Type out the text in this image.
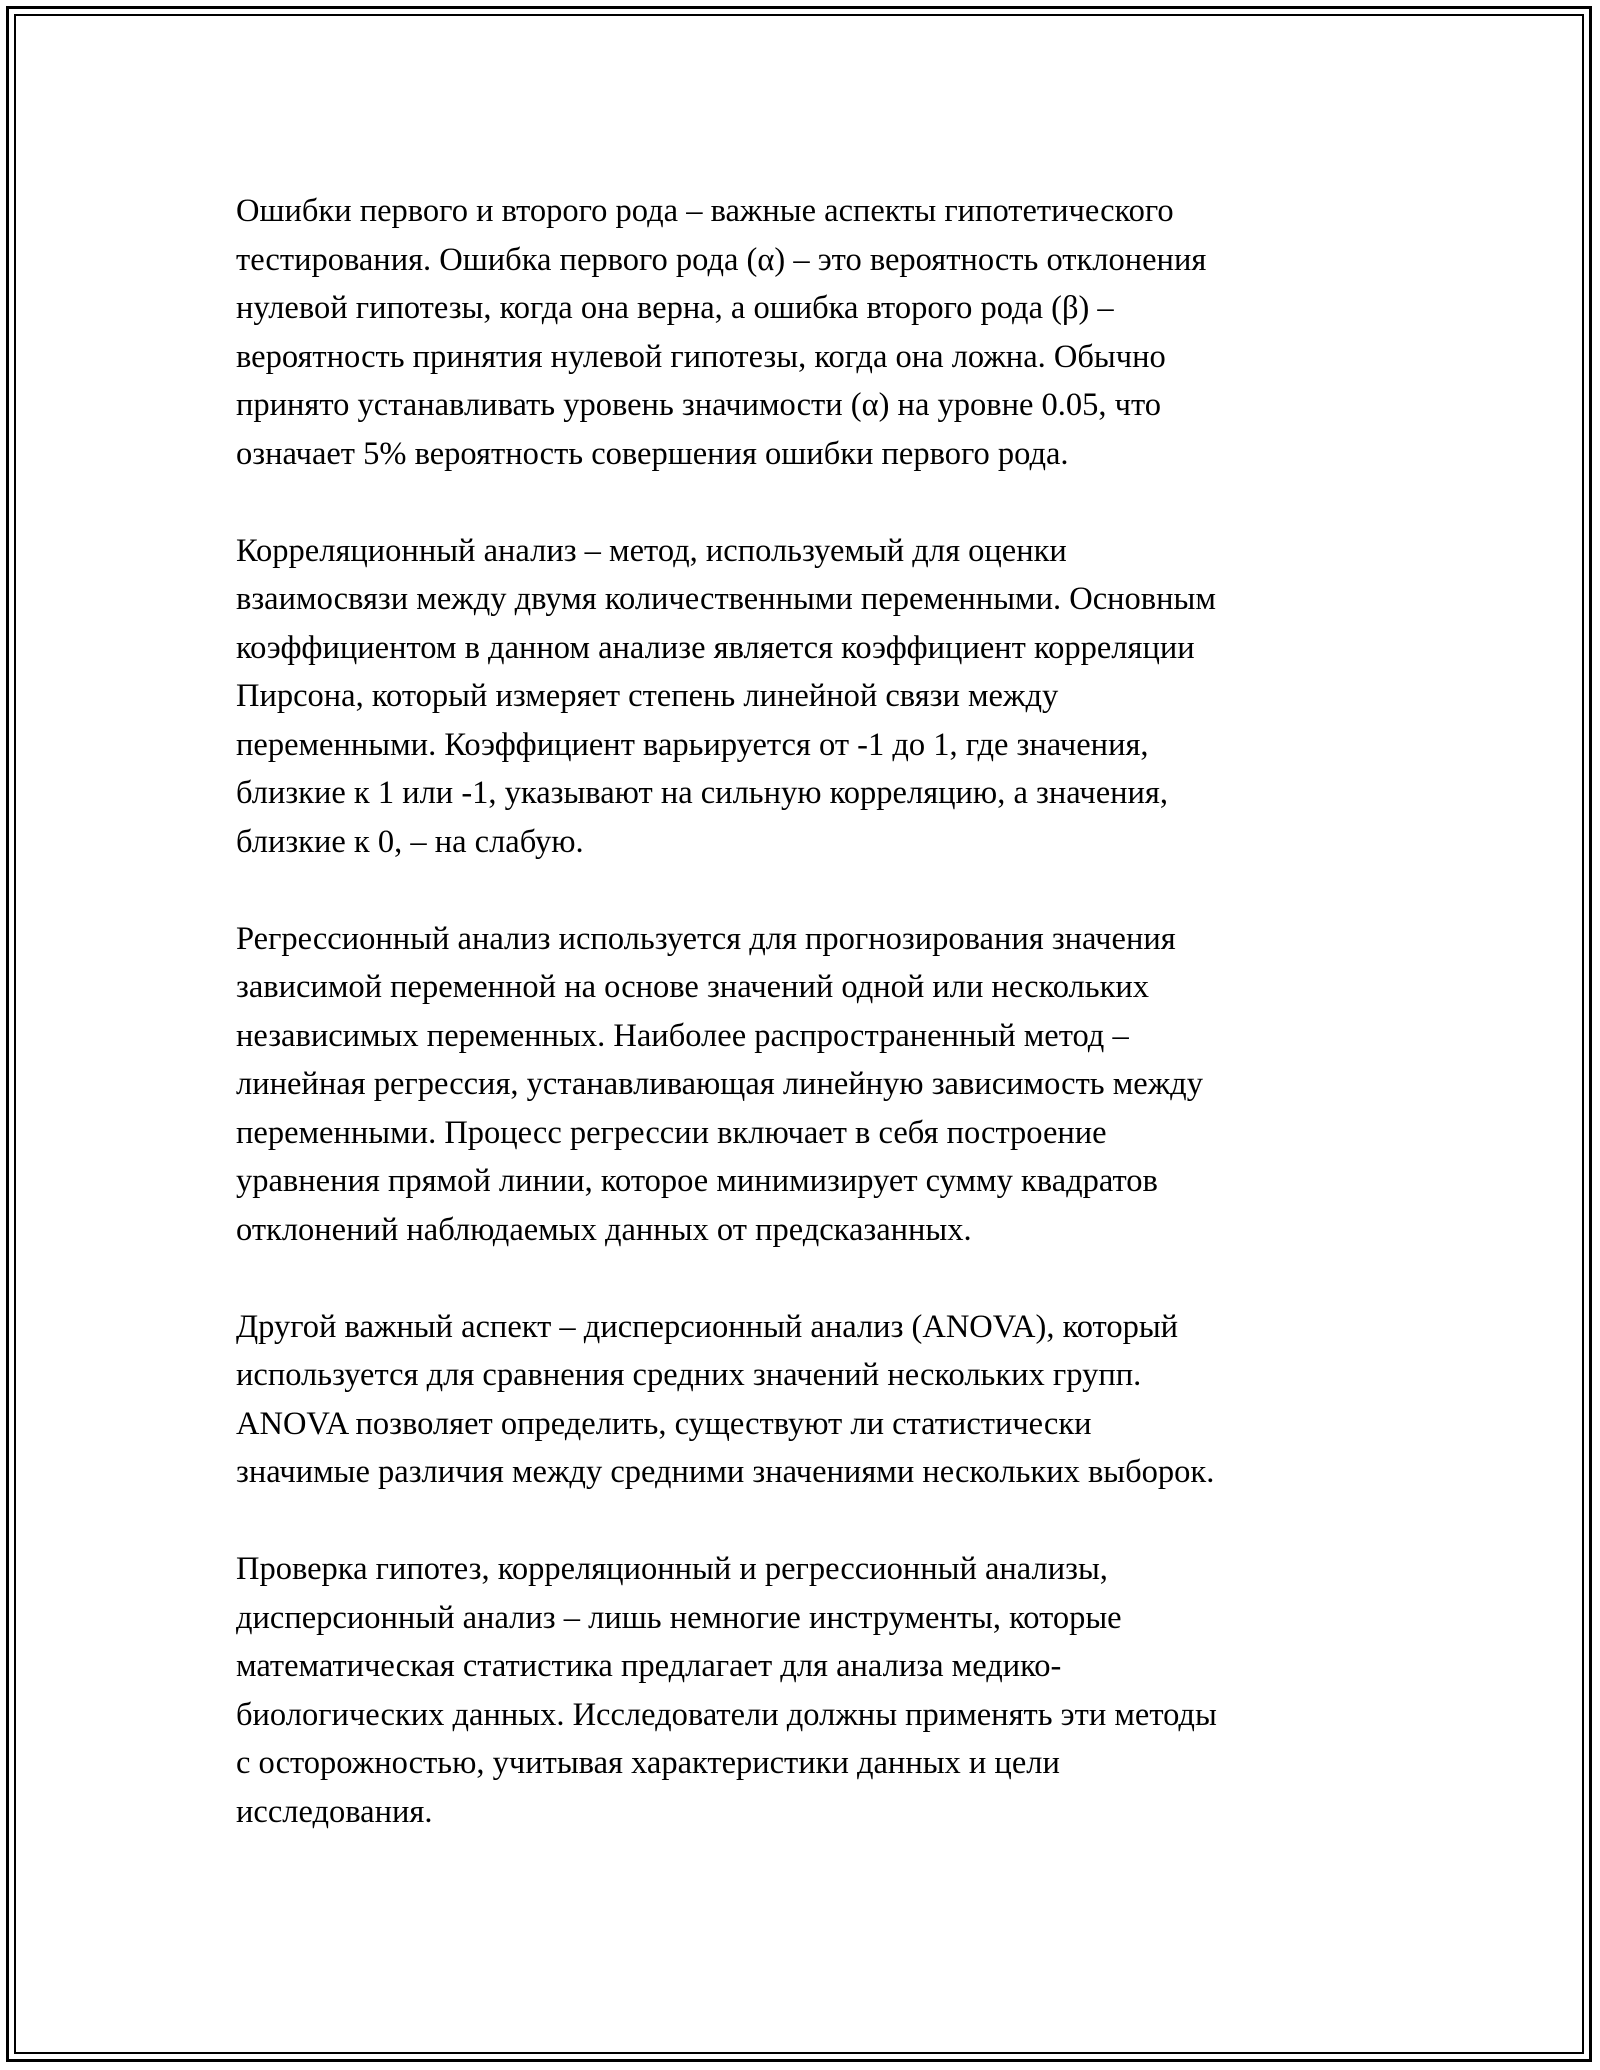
Ошибки первого и второго рода – важные аспекты гипотетического
тестирования. Ошибка первого рода (α) – это вероятность отклонения
нулевой гипотезы, когда она верна, а ошибка второго рода (β) –
вероятность принятия нулевой гипотезы, когда она ложна. Обычно
принято устанавливать уровень значимости (α) на уровне 0.05, что
означает 5% вероятность совершения ошибки первого рода.

Корреляционный анализ – метод, используемый для оценки
взаимосвязи между двумя количественными переменными. Основным
коэффициентом в данном анализе является коэффициент корреляции
Пирсона, который измеряет степень линейной связи между
переменными. Коэффициент варьируется от -1 до 1, где значения,
близкие к 1 или -1, указывают на сильную корреляцию, а значения,
близкие к 0, – на слабую.

Регрессионный анализ используется для прогнозирования значения
зависимой переменной на основе значений одной или нескольких
независимых переменных. Наиболее распространенный метод –
линейная регрессия, устанавливающая линейную зависимость между
переменными. Процесс регрессии включает в себя построение
уравнения прямой линии, которое минимизирует сумму квадратов
отклонений наблюдаемых данных от предсказанных.

Другой важный аспект – дисперсионный анализ (ANOVA), который
используется для сравнения средних значений нескольких групп.
ANOVA позволяет определить, существуют ли статистически
значимые различия между средними значениями нескольких выборок.

Проверка гипотез, корреляционный и регрессионный анализы,
дисперсионный анализ – лишь немногие инструменты, которые
математическая статистика предлагает для анализа медико-
биологических данных. Исследователи должны применять эти методы
с осторожностью, учитывая характеристики данных и цели
исследования.
